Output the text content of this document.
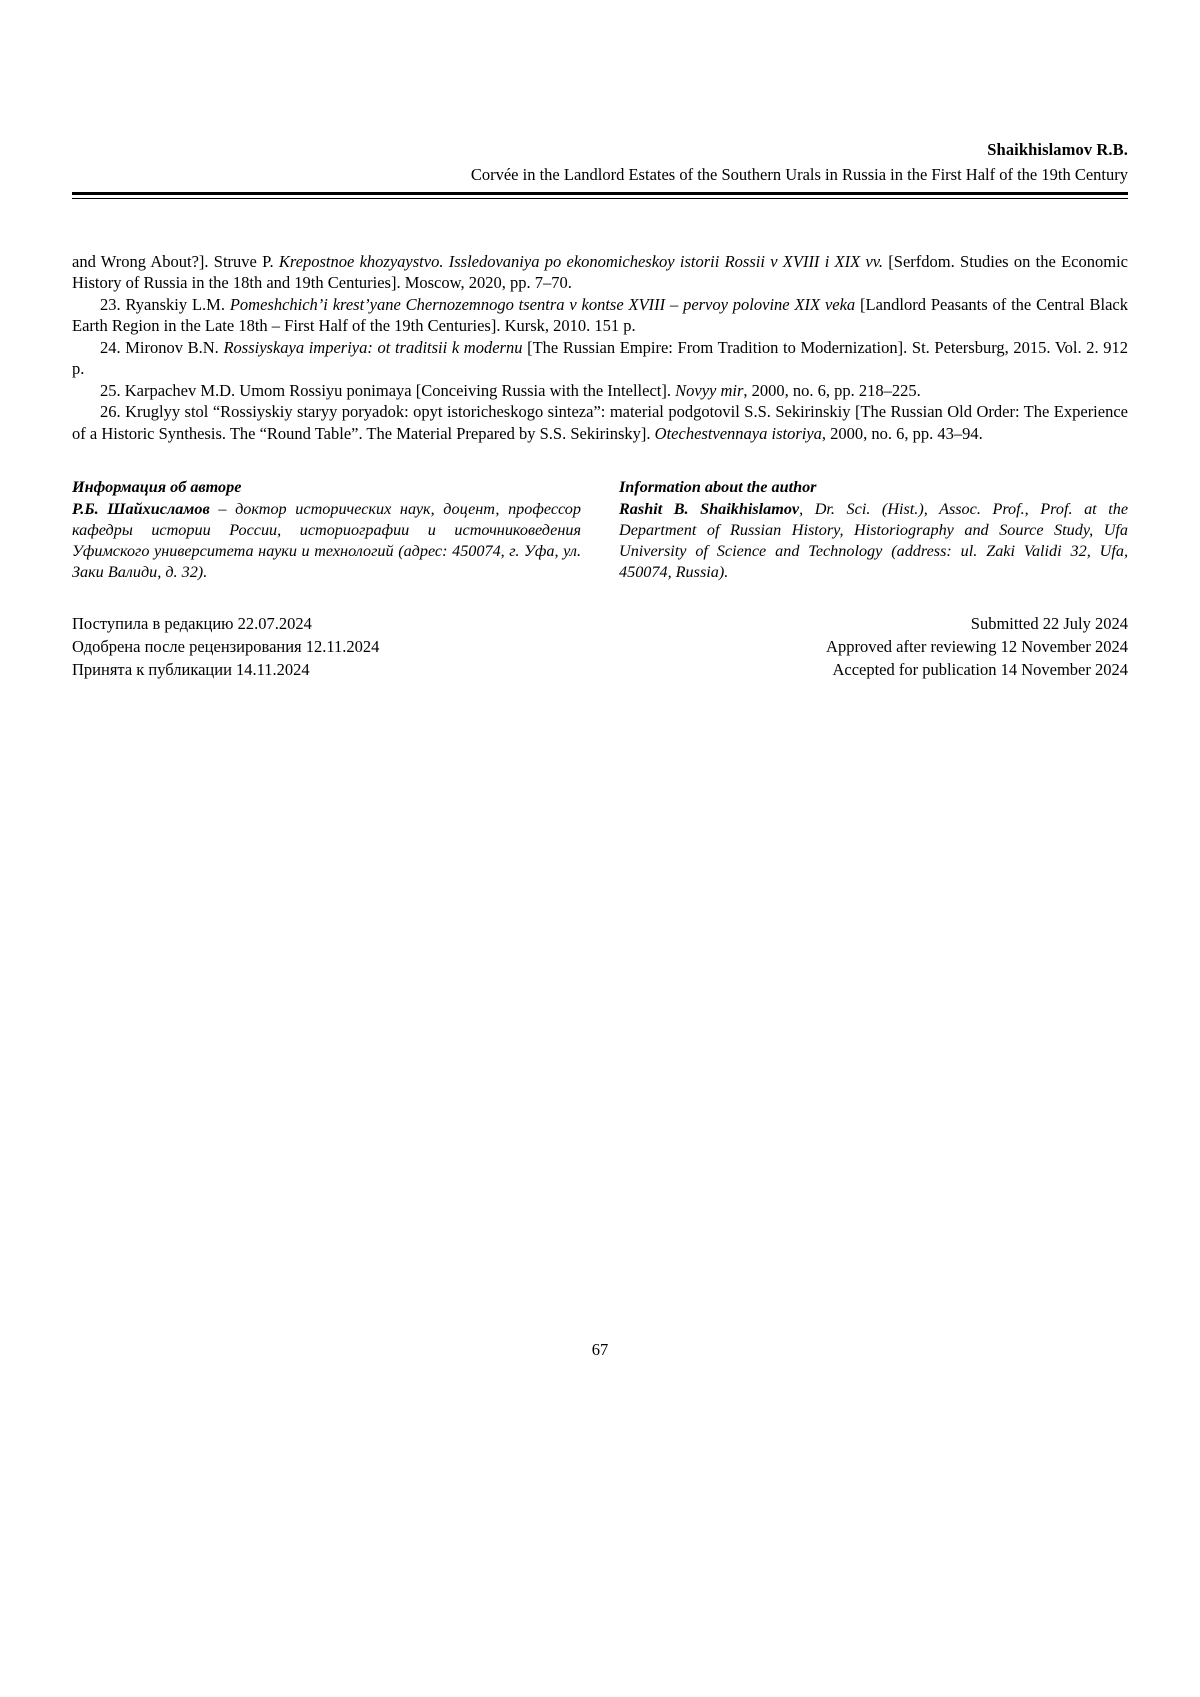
Shaikhislamov R.B.
Corvée in the Landlord Estates of the Southern Urals in Russia in the First Half of the 19th Century

and Wrong About?]. Struve P. Krepostnoe khozyaystvo. Issledovaniya po ekonomicheskoy istorii Rossii v XVIII i XIX vv. [Serfdom. Studies on the Economic History of Russia in the 18th and 19th Centuries]. Moscow, 2020, pp. 7–70.

23. Ryanskiy L.M. Pomeshchich’i krest’yane Chernozemnogo tsentra v kontse XVIII – pervoy polovine XIX veka [Landlord Peasants of the Central Black Earth Region in the Late 18th – First Half of the 19th Centuries]. Kursk, 2010. 151 p.

24. Mironov B.N. Rossiyskaya imperiya: ot traditsii k modernu [The Russian Empire: From Tradition to Modernization]. St. Petersburg, 2015. Vol. 2. 912 p.

25. Karpachev M.D. Umom Rossiyu ponimaya [Conceiving Russia with the Intellect]. Novyy mir, 2000, no. 6, pp. 218–225.

26. Kruglyy stol “Rossiyskiy staryy poryadok: opyt istoricheskogo sinteza”: material podgotovil S.S. Sekirinskiy [The Russian Old Order: The Experience of a Historic Synthesis. The “Round Table”. The Material Prepared by S.S. Sekirinsky]. Otechestvennaya istoriya, 2000, no. 6, pp. 43–94.

Информация об авторе
Р.Б. Шайхисламов – доктор исторических наук, доцент, профессор кафедры истории России, историографии и источниковедения Уфимского университета науки и технологий (адрес: 450074, г. Уфа, ул. Заки Валиди, д. 32).
Information about the author
Rashit B. Shaikhislamov, Dr. Sci. (Hist.), Assoc. Prof., Prof. at the Department of Russian History, Historiography and Source Study, Ufa University of Science and Technology (address: ul. Zaki Validi 32, Ufa, 450074, Russia).
Поступила в редакцию 22.07.2024
Одобрена после рецензирования 12.11.2024
Принята к публикации 14.11.2024
Submitted 22 July 2024
Approved after reviewing 12 November 2024
Accepted for publication 14 November 2024
67
